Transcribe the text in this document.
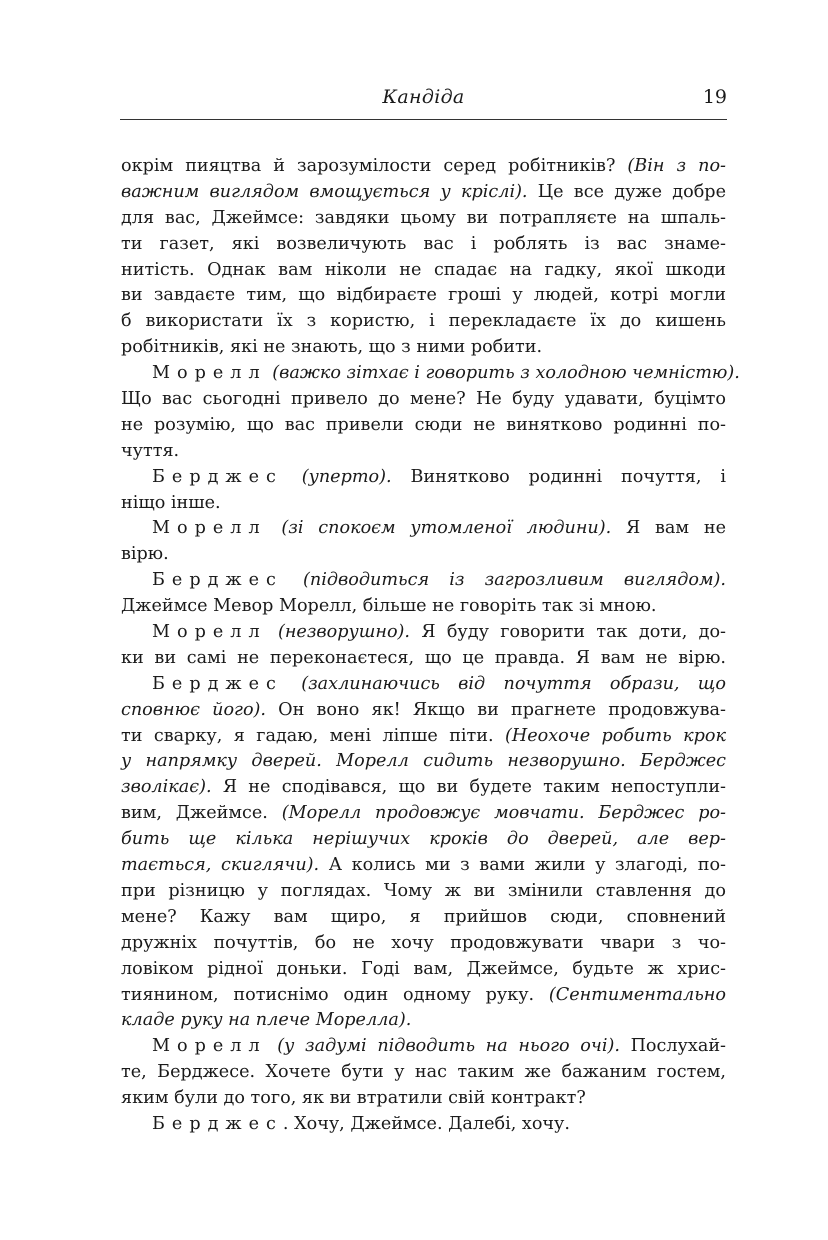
Кандіда	19
окрім пияцтва й зарозумілости серед робітників? (Він з по-
важним виглядом вмощується у кріслі). Це все дуже добре
для вас, Джеймсе: завдяки цьому ви потрапляєте на шпаль-
ти газет, які возвеличують вас і роблять із вас знаме-
нитість. Однак вам ніколи не спадає на гадку, якої шкоди
ви завдаєте тим, що відбираєте гроші у людей, котрі могли
б використати їх з користю, і перекладаєте їх до кишень
робітників, які не знають, що з ними робити.
Морелл (важко зітхає і говорить з холодною чемністю).
Що вас сьогодні привело до мене? Не буду удавати, буцімто
не розумію, що вас привели сюди не винятково родинні по-
чуття.
Берджес (уперто). Винятково родинні почуття, і
ніщо інше.
Морелл (зі спокоєм утомленої людини). Я вам не
вірю.
Берджес (підводиться із загрозливим виглядом).
Джеймсе Мевор Морелл, більше не говоріть так зі мною.
Морелл (незворушно). Я буду говорити так доти, до-
ки ви самі не переконаєтеся, що це правда. Я вам не вірю.
Берджес (захлинаючись від почуття образи, що
сповнює його). Он воно як! Якщо ви прагнете продовжува-
ти сварку, я гадаю, мені ліпше піти. (Неохоче робить крок
у напрямку дверей. Морелл сидить незворушно. Берджес
зволікає). Я не сподівався, що ви будете таким непоступли-
вим, Джеймсе. (Морелл продовжує мовчати. Берджес ро-
бить ще кілька нерішучих кроків до дверей, але вер-
тається, скиглячи). А колись ми з вами жили у злагоді, по-
при різницю у поглядах. Чому ж ви змінили ставлення до
мене? Кажу вам щиро, я прийшов сюди, сповнений
дружніх почуттів, бо не хочу продовжувати чвари з чо-
ловіком рідної доньки. Годі вам, Джеймсе, будьте ж хрис-
тиянином, потиснімо один одному руку. (Сентиментально
кладе руку на плече Морелла).
Морелл (у задумі підводить на нього очі). Послухай-
те, Берджесе. Хочете бути у нас таким же бажаним гостем,
яким були до того, як ви втратили свій контракт?
Берджес. Хочу, Джеймсе. Далебі, хочу.
